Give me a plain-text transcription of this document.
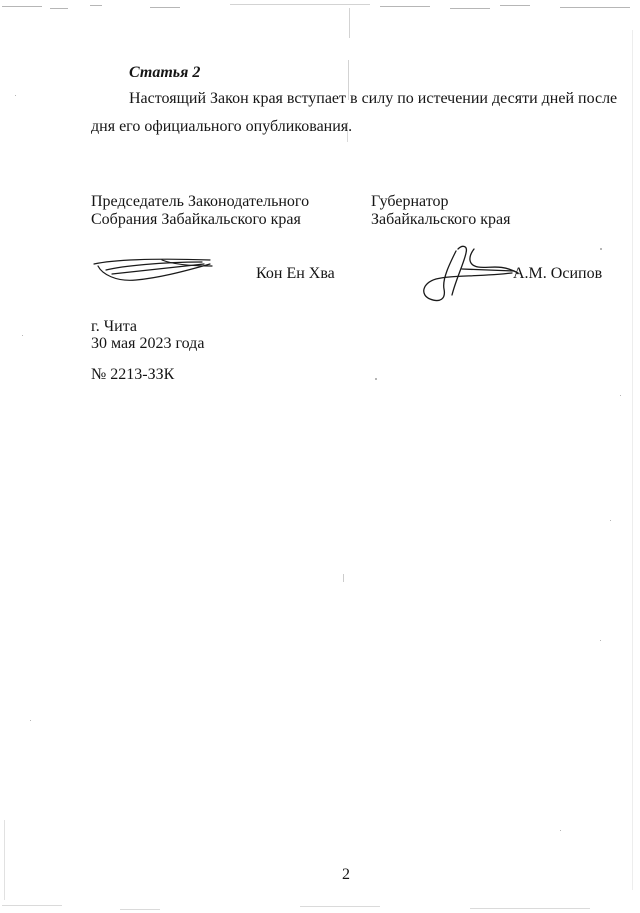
Статья 2
Настоящий Закон края вступает в силу по истечении десяти дней после
дня его официального опубликования.
Председатель Законодательного
Собрания Забайкальского края
Губернатор
Забайкальского края
Кон Ен Хва	А.М. Осипов
г. Чита
30 мая 2023 года
№ 2213-ЗЗК
2
